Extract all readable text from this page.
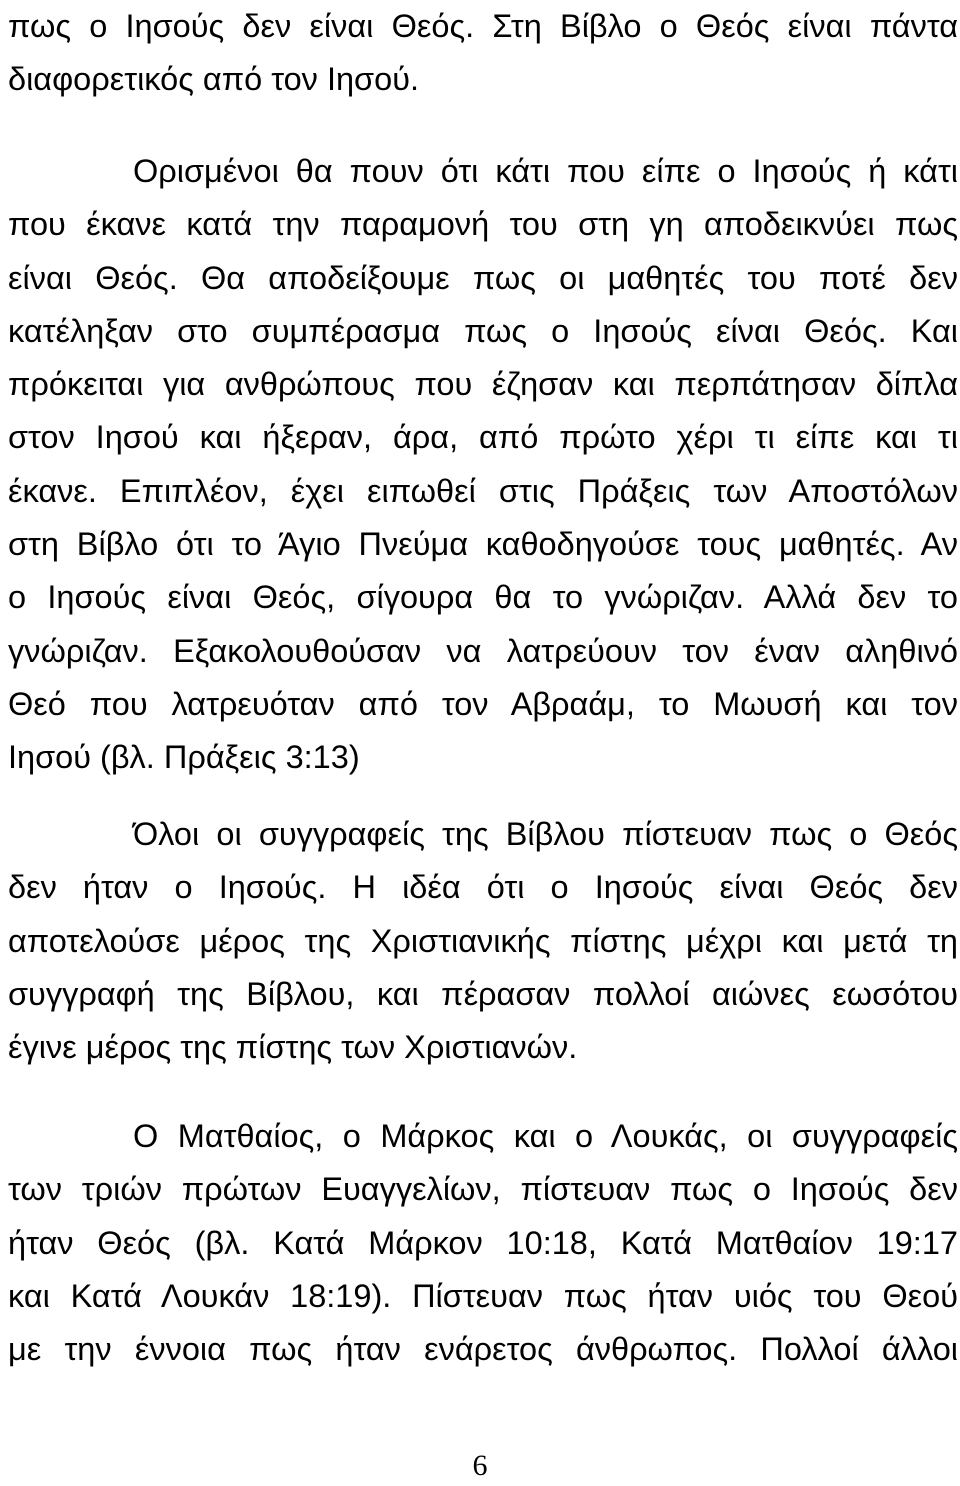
πως ο Ιησούς δεν είναι Θεός. Στη Βίβλο ο Θεός είναι πάντα
διαφορετικός από τον Ιησού.
Ορισμένοι θα πουν ότι κάτι που είπε ο Ιησούς ή κάτι
που έκανε κατά την παραμονή του στη γη αποδεικνύει πως
είναι Θεός. Θα αποδείξουμε πως οι μαθητές του ποτέ δεν
κατέληξαν στο συμπέρασμα πως ο Ιησούς είναι Θεός. Και
πρόκειται για ανθρώπους που έζησαν και περπάτησαν δίπλα
στον Ιησού και ήξεραν, άρα, από πρώτο χέρι τι είπε και τι
έκανε. Επιπλέον, έχει ειπωθεί στις Πράξεις των Αποστόλων
στη Βίβλο ότι το Άγιο Πνεύμα καθοδηγούσε τους μαθητές. Αν
ο Ιησούς είναι Θεός, σίγουρα θα το γνώριζαν. Αλλά δεν το
γνώριζαν. Εξακολουθούσαν να λατρεύουν τον έναν αληθινό
Θεό που λατρευόταν από τον Αβραάμ, το Μωυσή και τον
Ιησού (βλ. Πράξεις 3:13)
Όλοι οι συγγραφείς της Βίβλου πίστευαν πως ο Θεός
δεν ήταν ο Ιησούς. Η ιδέα ότι ο Ιησούς είναι Θεός δεν
αποτελούσε μέρος της Χριστιανικής πίστης μέχρι και μετά τη
συγγραφή της Βίβλου, και πέρασαν πολλοί αιώνες εωσότου
έγινε μέρος της πίστης των Χριστιανών.
Ο Ματθαίος, ο Μάρκος και ο Λουκάς, οι συγγραφείς
των τριών πρώτων Ευαγγελίων, πίστευαν πως ο Ιησούς δεν
ήταν Θεός (βλ. Κατά Μάρκον 10:18, Κατά Ματθαίον 19:17
και Κατά Λουκάν 18:19). Πίστευαν πως ήταν υιός του Θεού
με την έννοια πως ήταν ενάρετος άνθρωπος. Πολλοί άλλοι
6
